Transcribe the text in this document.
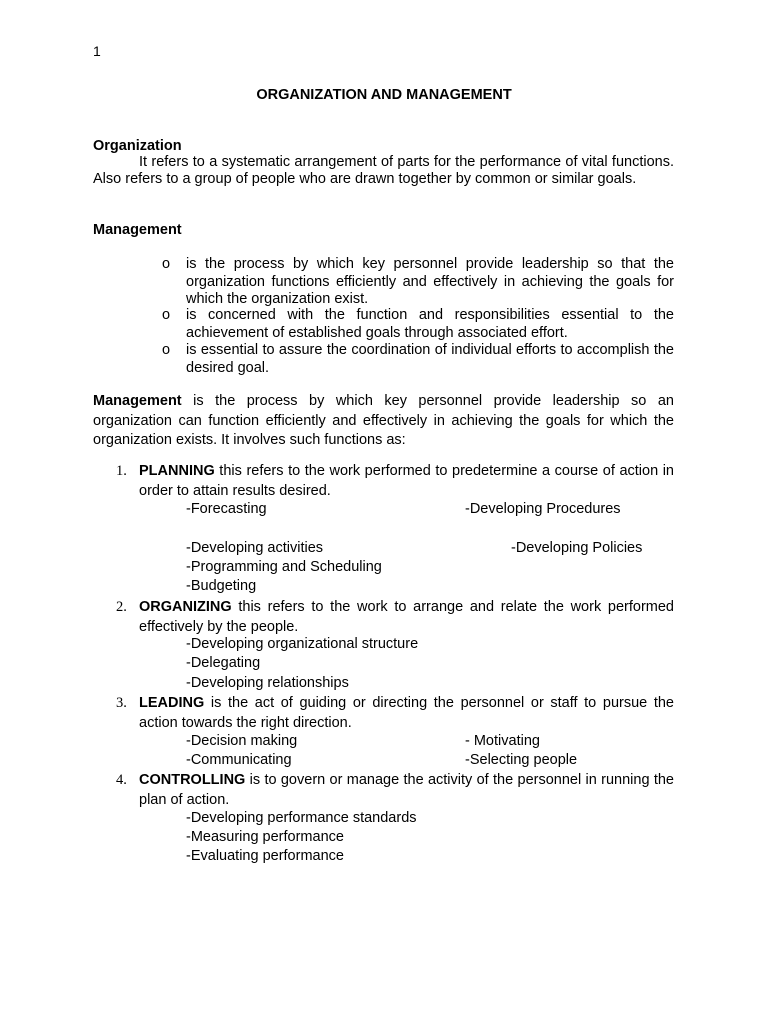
1
ORGANIZATION AND MANAGEMENT
Organization
It refers to a systematic arrangement of parts for the performance of vital functions. Also refers to a group of people who are drawn together by common or similar goals.
Management
o is the process by which key personnel provide leadership so that the organization functions efficiently and effectively in achieving the goals for which the organization exist.
o is concerned with the function and responsibilities essential to the achievement of established goals through associated effort.
o is essential to assure the coordination of individual efforts to accomplish the desired goal.
Management is the process by which key personnel provide leadership so an organization can function efficiently and effectively in achieving the goals for which the organization exists. It involves such functions as:
1. PLANNING this refers to the work performed to predetermine a course of action in order to attain results desired.
-Forecasting	-Developing Procedures
-Developing activities	-Developing Policies
-Programming and Scheduling
-Budgeting
2. ORGANIZING this refers to the work to arrange and relate the work performed effectively by the people.
-Developing organizational structure
-Delegating
-Developing relationships
3. LEADING is the act of guiding or directing the personnel or staff to pursue the action towards the right direction.
-Decision making	- Motivating
-Communicating	-Selecting people
4. CONTROLLING is to govern or manage the activity of the personnel in running the plan of action.
-Developing performance standards
-Measuring performance
-Evaluating performance
